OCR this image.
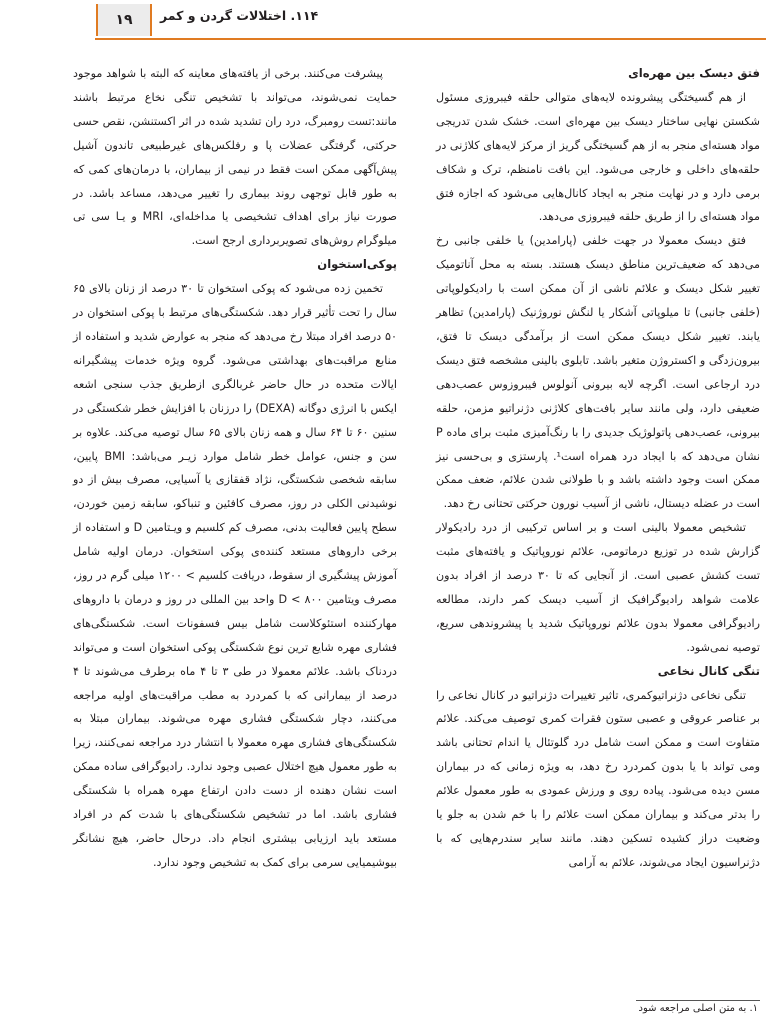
۱۹	۱۱۴. اختلالات گردن و کمر
فتق دیسک بین مهره‌ای

از هم گسیختگی پیشرونده لایه‌های متوالی حلقه فیبروزی مسئول شکستن نهایی ساختار دیسک بین مهره‌ای است. خشک شدن تدریجی مواد هسته‌ای منجر به از هم گسیختگی گریز از مرکز لایه‌های کلاژنی در حلقه‌های داخلی و خارجی می‌شود. این بافت نامنظم، ترک و شکاف برمی دارد و در نهایت منجر به ایجاد کانال‌هایی می‌شود که اجازه فتق مواد هسته‌ای را از طریق حلقه فیبروزی می‌دهد.

فتق دیسک معمولا در جهت خلفی (پارامدین) یا خلفی جانبی رخ می‌دهد که ضعیف‌ترین مناطق دیسک هستند. بسته به محل آناتومیک تغییر شکل دیسک و علائم ناشی از آن ممکن است با رادیکولوپاتی (خلفی جانبی) تا میلوپاتی آشکار یا لنگش نوروژنیک (پارامدین) تظاهر یابند. تغییر شکل دیسک ممکن است از برآمدگی دیسک تا فتق، بیرون‌زدگی و اکستروژن متغیر باشد. تابلوی بالینی مشخصه فتق دیسک درد ارجاعی است. اگرچه لایه بیرونی آنولوس فیبروزوس عصب‌دهی ضعیفی دارد، ولی مانند سایر بافت‌های کلاژنی دژنراتیو مزمن، حلقه بیرونی، عصب‌دهی پاتولوژیک جدیدی را با رنگ‌آمیزی مثبت برای ماده P نشان می‌دهد که با ایجاد درد همراه است¹. پارستزی و بی‌حسی نیز ممکن است وجود داشته باشد و با طولانی شدن علائم، ضعف ممکن است در عضله دیستال، ناشی از آسیب نورون حرکتی تحتانی رخ دهد.

تشخیص معمولا بالینی است و بر اساس ترکیبی از درد رادیکولار گزارش شده در توزیع درماتومی، علائم نوروپاتیک و یافته‌های مثبت تست کشش عصبی است. از آنجایی که تا ۳۰ درصد از افراد بدون علامت شواهد رادیوگرافیک از آسیب دیسک کمر دارند، مطالعه رادیوگرافی معمولا بدون علائم نوروپاتیک شدید یا پیشروندهی سریع، توصیه نمی‌شود.

تنگی کانال نخاعی

تنگی نخاعی دژنراتیوکمری، تاثیر تغییرات دژنراتیو در کانال نخاعی را بر عناصر عروقی و عصبی ستون فقرات کمری توصیف می‌کند. علائم متفاوت است و ممکن است شامل درد گلوتئال یا اندام تحتانی باشد ومی تواند با یا بدون کمردرد رخ دهد، به ویژه زمانی که در بیماران مسن دیده می‌شود. پیاده روی و ورزش عمودی به طور معمول علائم را بدتر می‌کند و بیماران ممکن است علائم را با خم شدن به جلو یا وضعیت دراز کشیده تسکین دهند. مانند سایر سندرم‌هایی که با دژنراسیون ایجاد می‌شوند، علائم به آرامی

پیشرفت می‌کنند. برخی از یافته‌های معاینه که البته با شواهد موجود حمایت نمی‌شوند، می‌تواند با تشخیص تنگی نخاع مرتبط باشند مانند:تست رومبرگ، درد ران تشدید شده در اثر اکستنشن، نقص حسی حرکتی، گرفتگی عضلات پا و رفلکس‌های غیرطبیعی تاندون آشیل پیش‌آگهی ممکن است فقط در نیمی از بیماران، با درمان‌های کمی که به طور قابل توجهی روند بیماری را تغییر می‌دهد، مساعد باشد. در صورت نیاز برای اهداف تشخیصی یا مداخله‌ای، MRI و یـا سی تی میلوگرام روش‌های تصویربرداری ارجح است.

پوکی‌استخوان

تخمین زده می‌شود که پوکی استخوان تا ۳۰ درصد از زنان بالای ۶۵ سال را تحت تأثیر قرار دهد. شکستگی‌های مرتبط با پوکی استخوان در ۵۰ درصد افراد مبتلا رخ می‌دهد که منجر به عوارض شدید و استفاده از منابع مراقبت‌های بهداشتی می‌شود. گروه ویژه خدمات پیشگیرانه ایالات متحده در حال حاضر غربالگری ازطریق جذب سنجی اشعه ایکس با انرژی دوگانه (DEXA) را درزنان با افزایش خطر شکستگی در سنین ۶۰ تا ۶۴ سال و همه زنان بالای ۶۵ سال توصیه می‌کند. علاوه بر سن و جنس، عوامل خطر شامل موارد زیـر می‌باشد: BMI پایین، سابقه شخصی شکستگی، نژاد قفقازی یا آسیایی، مصرف بیش از دو نوشیدنی الکلی در روز، مصرف کافئین و تنباکو، سابقه زمین خوردن، سطح پایین فعالیت بدنی، مصرف کم کلسیم و ویـتامین D و استفاده از برخی داروهای مستعد کننده‌ی پوکی استخوان. درمان اولیه شامل آموزش پیشگیری از سقوط، دریافت کلسیم > ۱۲۰۰ میلی گرم در روز، مصرف ویتامین D < ۸۰۰ واحد بین المللی در روز و درمان با داروهای مهارکننده استئوکلاست شامل بیس فسفونات است. شکستگی‌های فشاری مهره شایع ترین نوع شکستگی پوکی استخوان است و می‌تواند دردناک باشد. علائم معمولا در طی ۳ تا ۴ ماه برطرف می‌شوند تا ۴ درصد از بیمارانی که با کمردرد به مطب مراقبت‌های اولیه مراجعه می‌کنند، دچار شکستگی فشاری مهره می‌شوند. بیماران مبتلا به شکستگی‌های فشاری مهره معمولا با انتشار درد مراجعه نمی‌کنند، زیرا به طور معمول هیچ اختلال عصبی وجود ندارد. رادیوگرافی ساده ممکن است نشان دهنده از دست دادن ارتفاع مهره همراه با شکستگی فشاری باشد. اما در تشخیص شکستگی‌های با شدت کم در افراد مستعد باید ارزیابی بیشتری انجام داد. درحال حاضر، هیچ نشانگر بیوشیمیایی سرمی برای کمک به تشخیص وجود ندارد.

۱. به متن اصلی مراجعه شود
